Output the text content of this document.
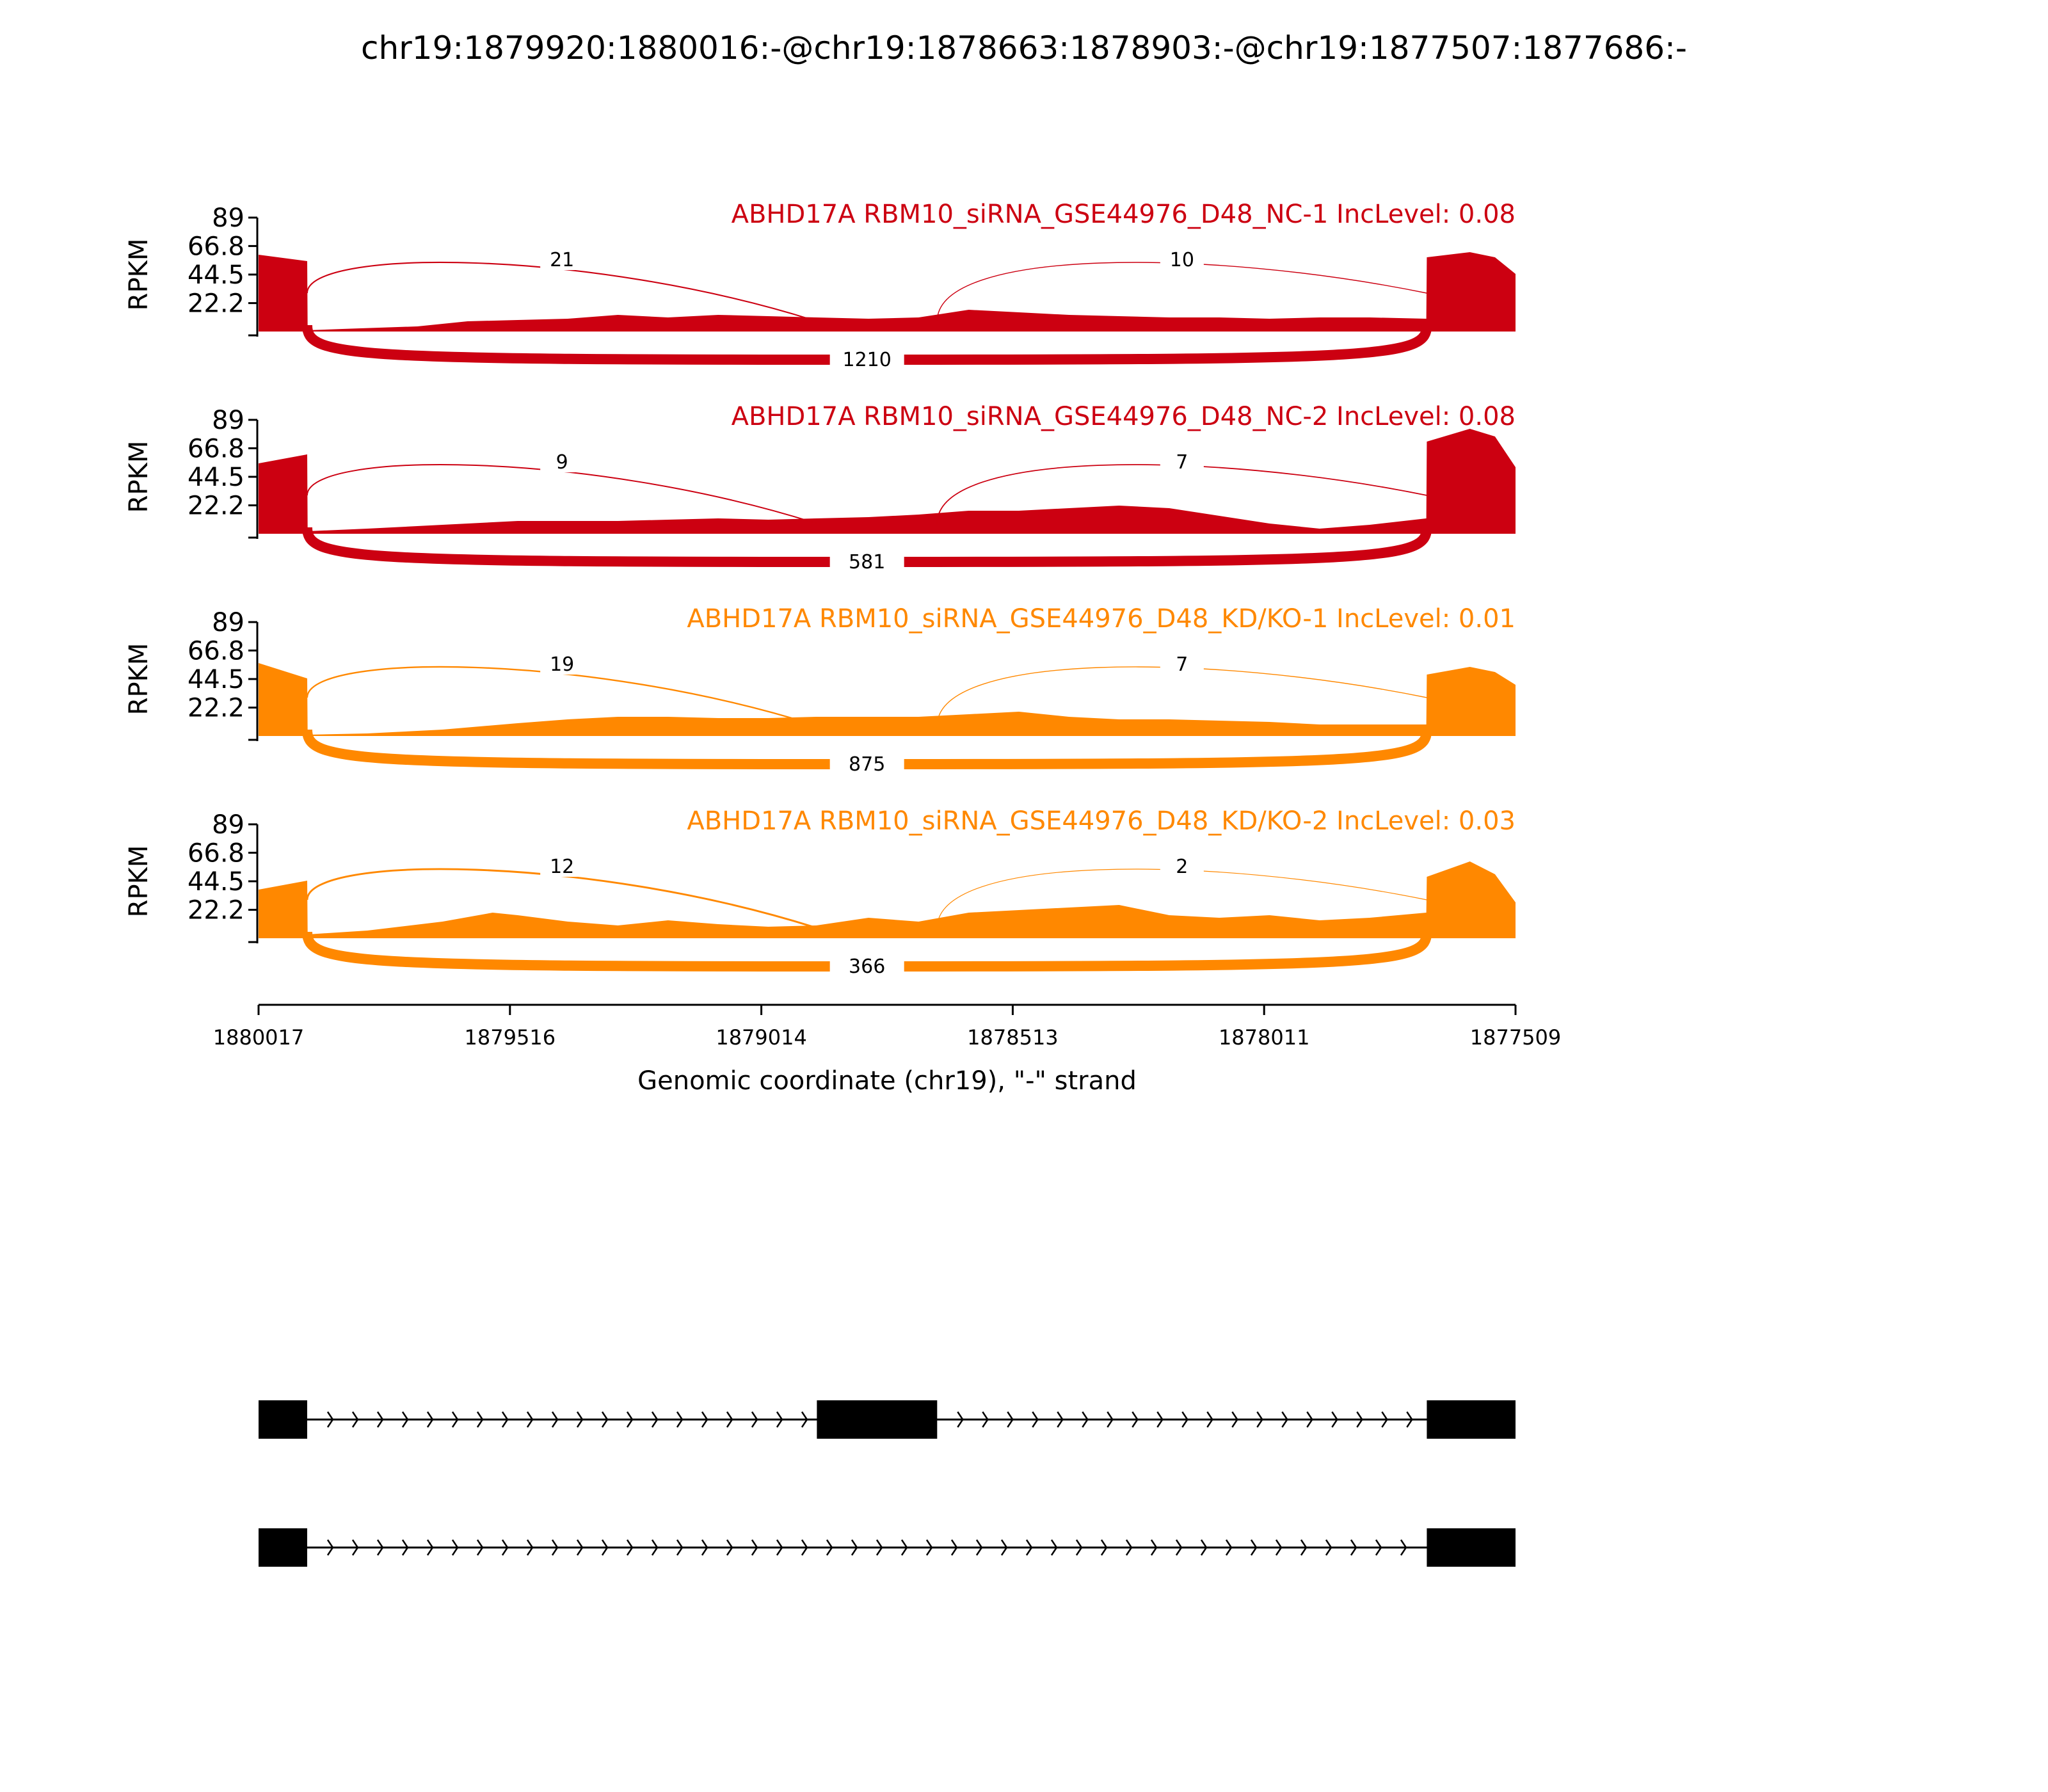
chr19:1879920:1880016:-@chr19:1878663:1878903:-@chr19:1877507:1877686:-
89
66.8
44.5
22.2
RPKM
ABHD17A RBM10_siRNA_GSE44976_D48_NC-1 IncLevel: 0.08
21	10
1210
89
66.8
44.5
22.2
RPKM
ABHD17A RBM10_siRNA_GSE44976_D48_NC-2 IncLevel: 0.08
9	7
581
89
66.8
44.5
22.2
RPKM
ABHD17A RBM10_siRNA_GSE44976_D48_KD/KO-1 IncLevel: 0.01
19	7
875
89
66.8
44.5
22.2
RPKM
ABHD17A RBM10_siRNA_GSE44976_D48_KD/KO-2 IncLevel: 0.03
12	2
366
1880017	1879516	1879014	1878513	1878011	1877509
Genomic coordinate (chr19), "-" strand
